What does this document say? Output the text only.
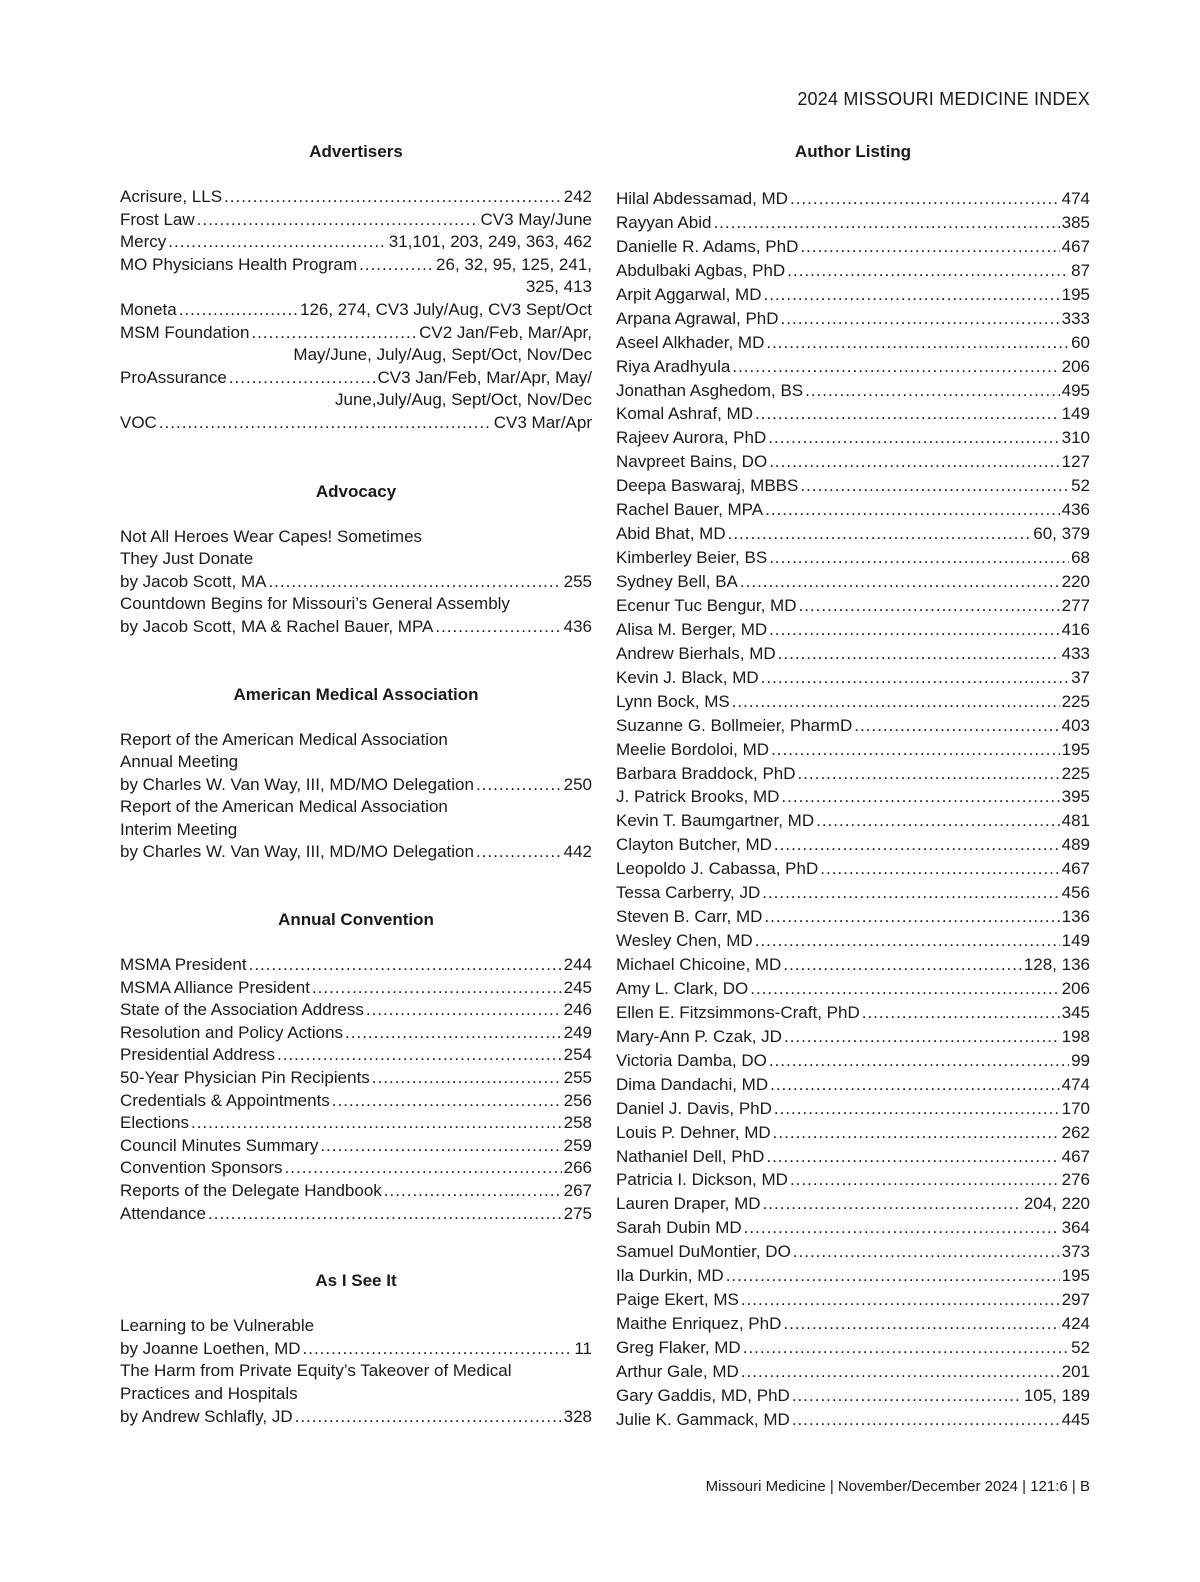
2024 MISSOURI MEDICINE INDEX
Advertisers
Acrisure, LLS .....	242
Frost Law .....	CV3 May/June
Mercy .....	31,101, 203, 249, 363, 462
MO Physicians Health Program .....	26, 32, 95, 125, 241,
325, 413
Moneta .....	126, 274, CV3 July/Aug, CV3 Sept/Oct
MSM Foundation .....	CV2 Jan/Feb, Mar/Apr,
May/June, July/Aug, Sept/Oct, Nov/Dec
ProAssurance .....	CV3 Jan/Feb, Mar/Apr, May/
June,July/Aug, Sept/Oct, Nov/Dec
VOC .....	CV3 Mar/Apr
Advocacy
Not All Heroes Wear Capes! Sometimes
They Just Donate
by Jacob Scott, MA .....	255
Countdown Begins for Missouri’s General Assembly
by Jacob Scott, MA & Rachel Bauer, MPA .....	436
American Medical Association
Report of the American Medical Association
Annual Meeting
by Charles W. Van Way, III, MD/MO Delegation .....	250
Report of the American Medical Association
Interim Meeting
by Charles W. Van Way, III, MD/MO Delegation .....	442
Annual Convention
MSMA President .....	244
MSMA Alliance President .....	245
State of the Association Address .....	246
Resolution and Policy Actions .....	249
Presidential Address .....	254
50-Year Physician Pin Recipients .....	255
Credentials & Appointments .....	256
Elections .....	258
Council Minutes Summary .....	259
Convention Sponsors .....	266
Reports of the Delegate Handbook .....	267
Attendance .....	275
As I See It
Learning to be Vulnerable
by Joanne Loethen, MD .....	11
The Harm from Private Equity’s Takeover of Medical
Practices and Hospitals
by Andrew Schlafly, JD .....	328
Author Listing
Hilal Abdessamad, MD .....	474
Rayyan Abid .....	385
Danielle R. Adams, PhD .....	467
Abdulbaki Agbas, PhD .....	87
Arpit Aggarwal, MD .....	195
Arpana Agrawal, PhD .....	333
Aseel Alkhader, MD .....	60
Riya Aradhyula .....	206
Jonathan Asghedom, BS .....	495
Komal Ashraf, MD .....	149
Rajeev Aurora, PhD .....	310
Navpreet Bains, DO .....	127
Deepa Baswaraj, MBBS .....	52
Rachel Bauer, MPA .....	436
Abid Bhat, MD .....	60, 379
Kimberley Beier, BS .....	68
Sydney Bell, BA .....	220
Ecenur Tuc Bengur, MD .....	277
Alisa M. Berger, MD .....	416
Andrew Bierhals, MD .....	433
Kevin J. Black, MD .....	37
Lynn Bock, MS .....	225
Suzanne G. Bollmeier, PharmD .....	403
Meelie Bordoloi, MD .....	195
Barbara Braddock, PhD .....	225
J. Patrick Brooks, MD .....	395
Kevin T. Baumgartner, MD .....	481
Clayton Butcher, MD .....	489
Leopoldo J. Cabassa, PhD .....	467
Tessa Carberry, JD .....	456
Steven B. Carr, MD .....	136
Wesley Chen, MD .....	149
Michael Chicoine, MD .....	128, 136
Amy L. Clark, DO .....	206
Ellen E. Fitzsimmons-Craft, PhD .....	345
Mary-Ann P. Czak, JD .....	198
Victoria Damba, DO .....	99
Dima Dandachi, MD .....	474
Daniel J. Davis, PhD .....	170
Louis P. Dehner, MD .....	262
Nathaniel Dell, PhD .....	467
Patricia I. Dickson, MD .....	276
Lauren Draper, MD .....	204, 220
Sarah Dubin MD .....	364
Samuel DuMontier, DO .....	373
Ila Durkin, MD .....	195
Paige Ekert, MS .....	297
Maithe Enriquez, PhD .....	424
Greg Flaker, MD .....	52
Arthur Gale, MD .....	201
Gary Gaddis, MD, PhD .....	105, 189
Julie K. Gammack, MD .....	445
Missouri Medicine | November/December 2024 | 121:6 | B
